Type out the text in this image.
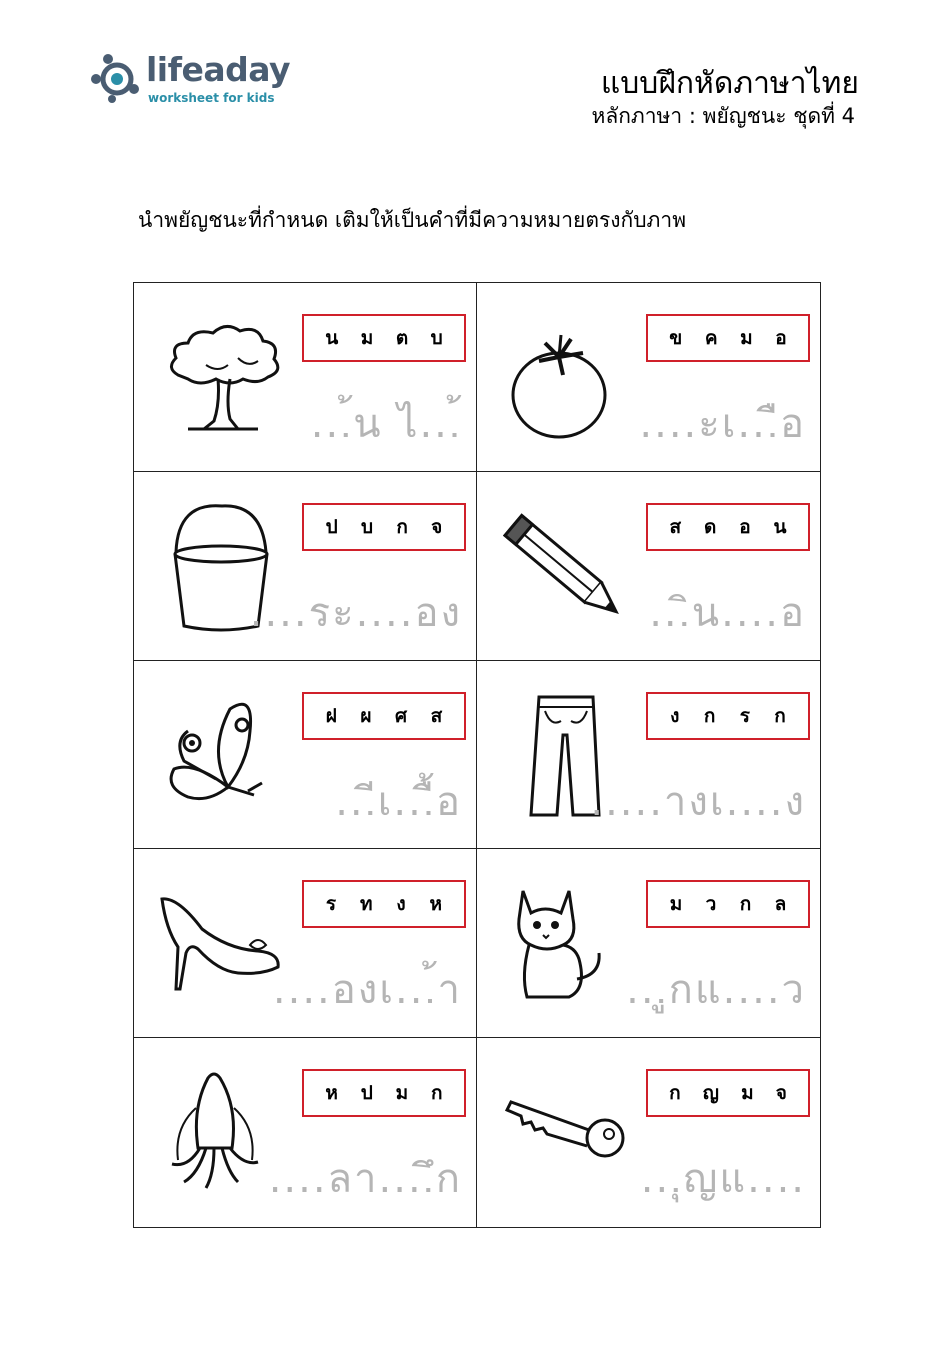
lifeaday
worksheet for kids	แบบฝึกหัดภาษาไทย
หลักภาษา : พยัญชนะ ชุดที่ 4
นำพยัญชนะที่กำหนด เติมให้เป็นคำที่มีความหมายตรงกับภาพ
น ม ต บ
...้น ไ...้
ข ค ม อ
....ะเ...ือ
ป บ ก จ
....ระ....อง
ส ด อ น
...ิน....อ
ฝ ผ ศ ส
...ีเ...ื้อ
ง ก ร ก
.....างเ....ง
ร ท ง ห
....องเ...้า
ม ว ก ล
...ูกแ....ว
ห ป ม ก
....ลา....ึก
ก ญ ม จ
...ุญแ....
